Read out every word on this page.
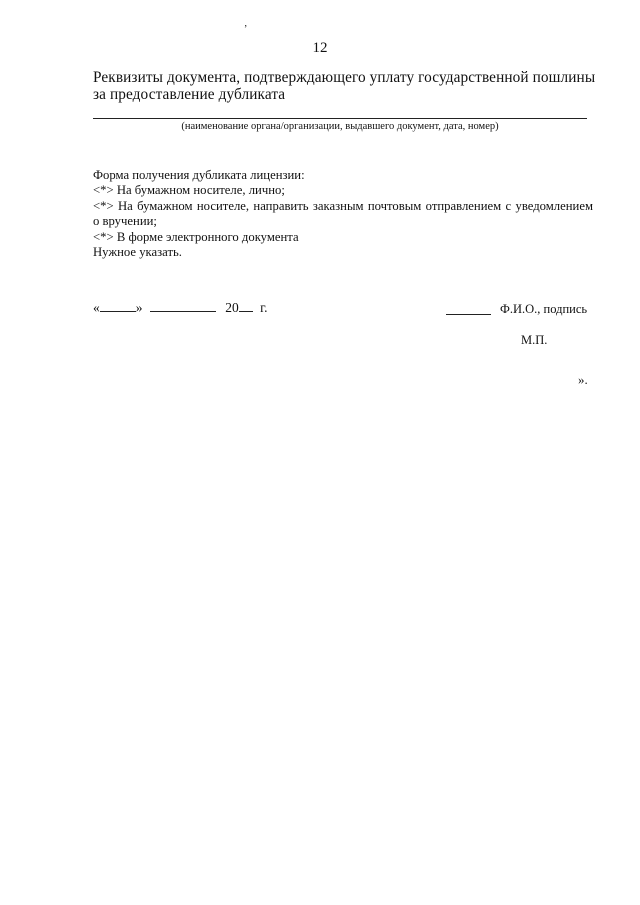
‚
12
Реквизиты документа, подтверждающего уплату государственной пошлины
за предоставление дубликата
(наименование органа/организации, выдавшего документ, дата, номер)
Форма получения дубликата лицензии:
<*> На бумажном носителе, лично;
<*> На бумажном носителе, направить заказным почтовым отправлением с уведомлением
о вручении;
<*> В форме электронного документа
Нужное указать.
«	»	20 г.	Ф.И.О., подпись
М.П.
».
